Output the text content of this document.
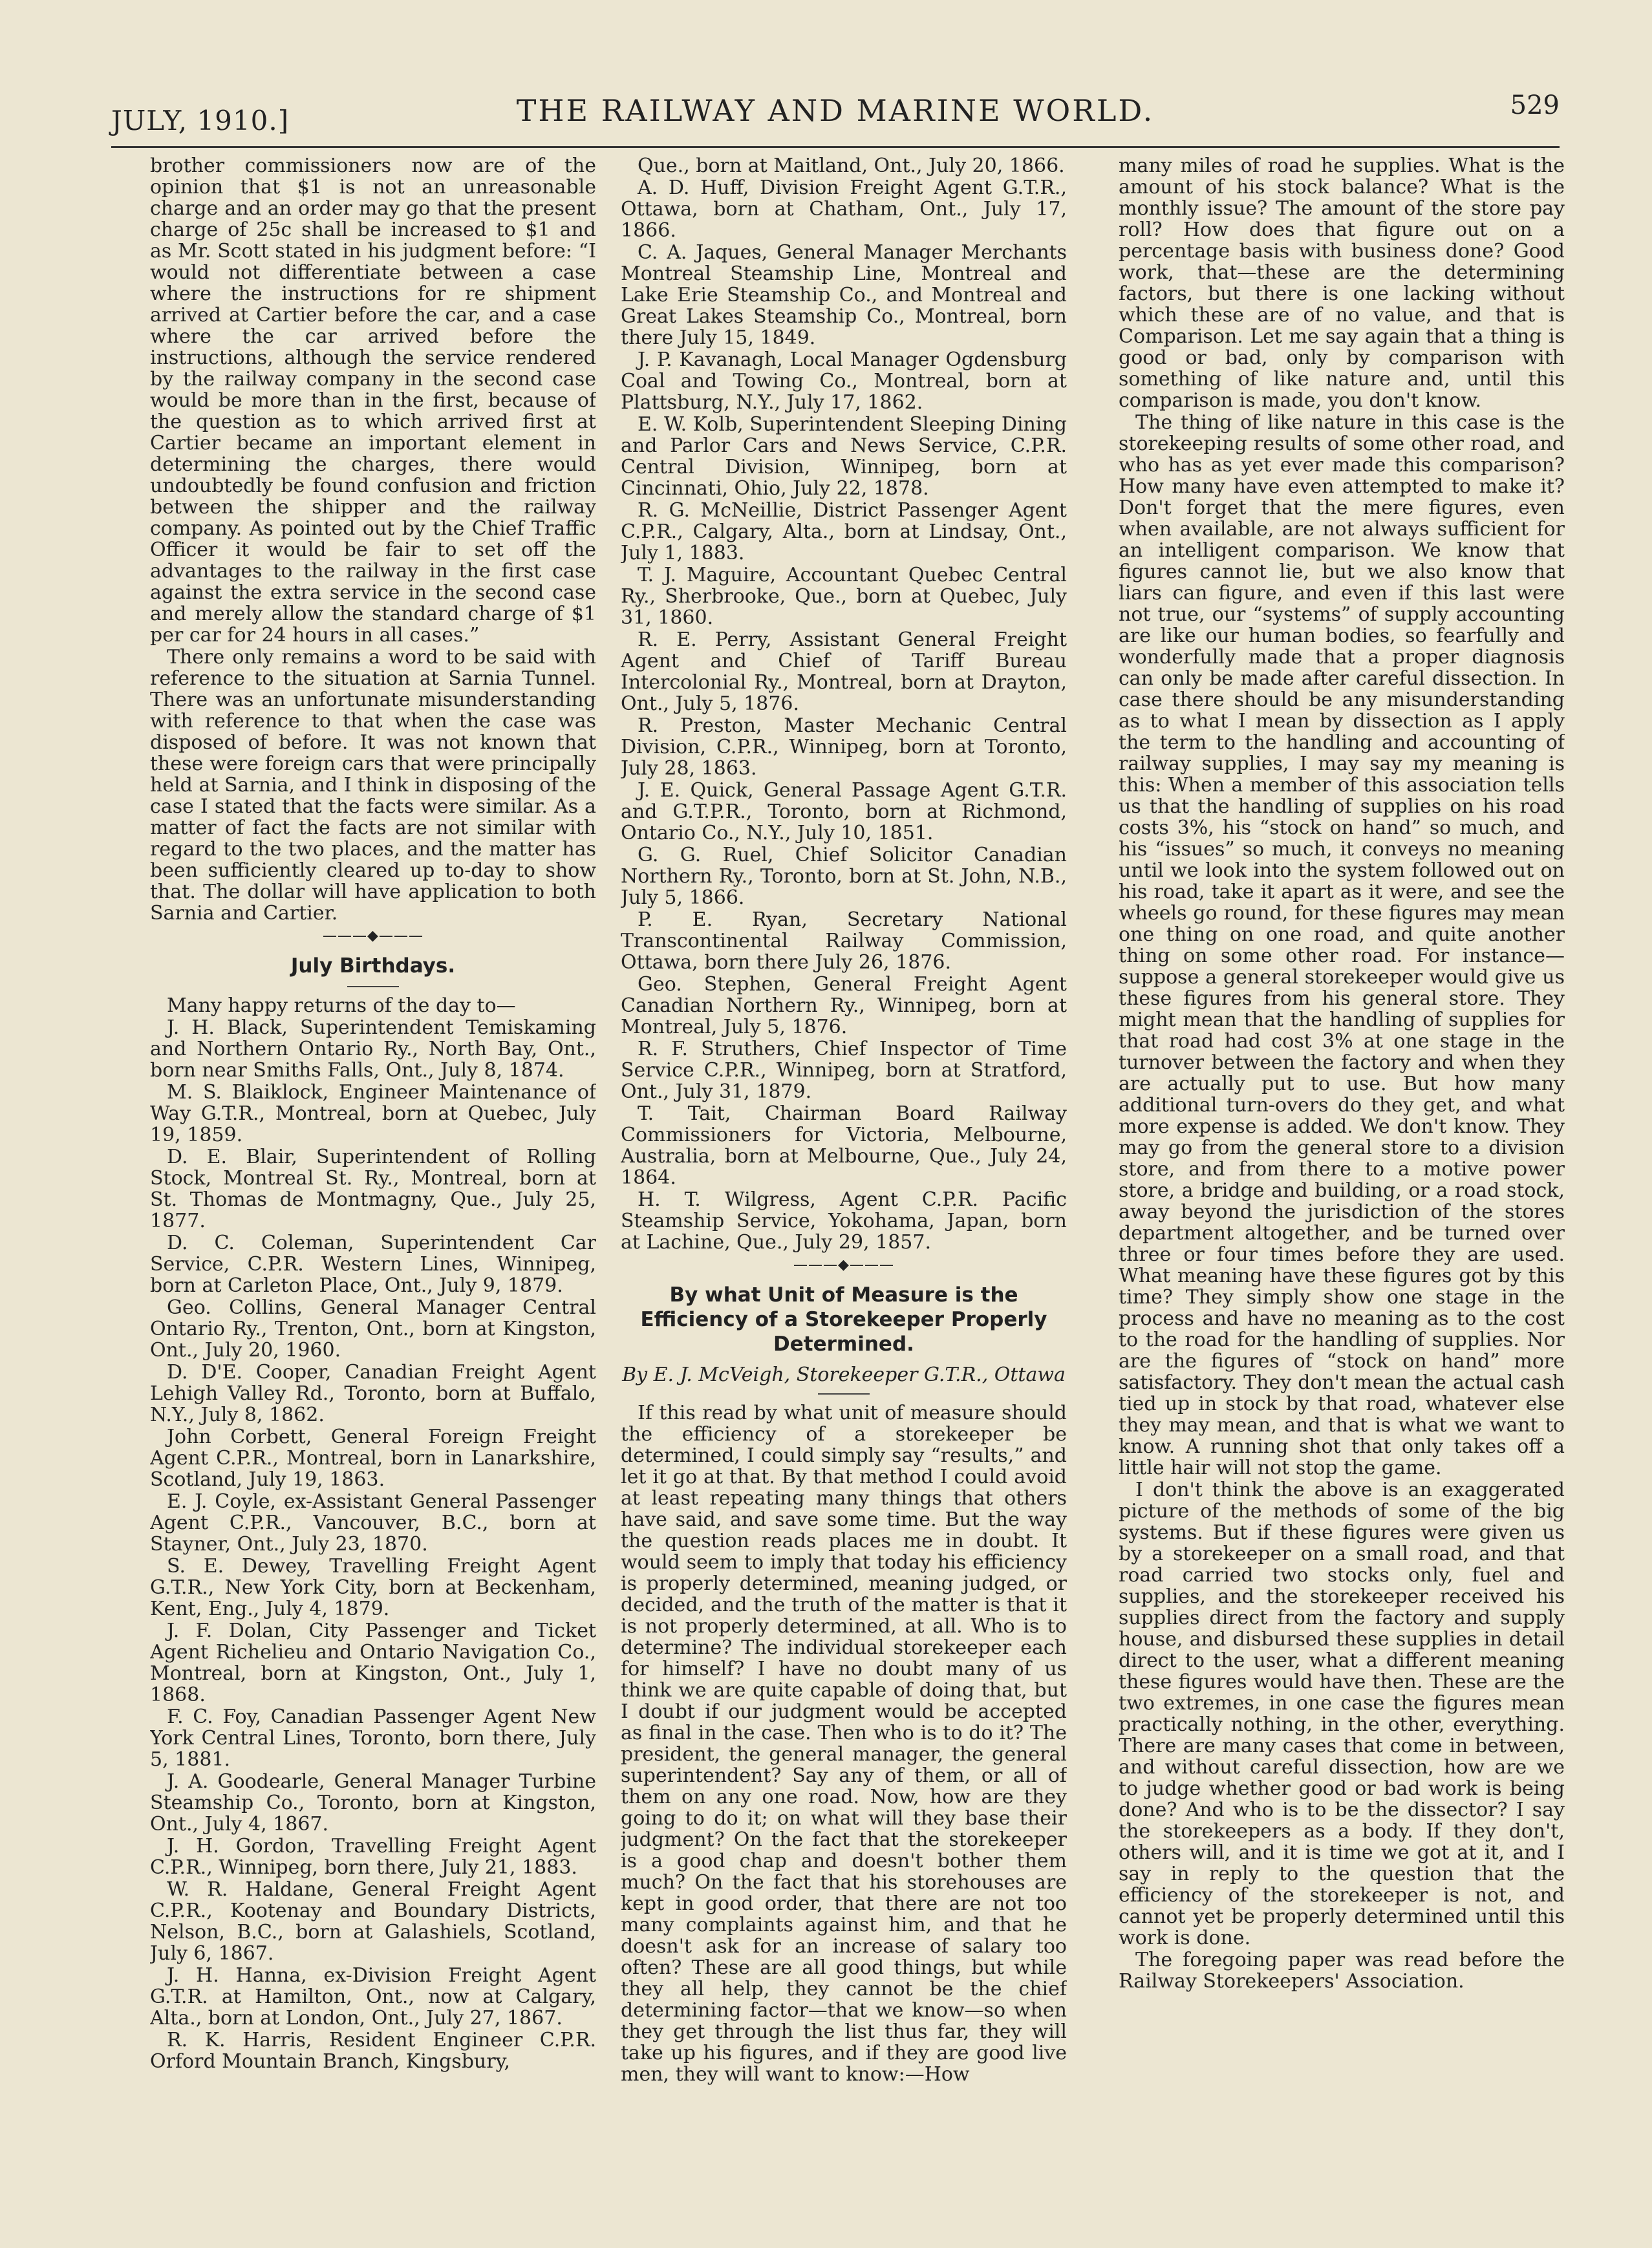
JULY, 1910.]	THE RAILWAY AND MARINE WORLD.	529

brother commissioners now are of the opinion that $1 is not an unreasonable charge and an order may go that the present charge of 25c shall be increased to $1 and as Mr. Scott stated in his judgment before: “I would not differentiate between a case where the instructions for re shipment arrived at Cartier before the car, and a case where the car arrived before the instructions, although the service rendered by the railway company in the second case would be more than in the first, because of the question as to which arrived first at Cartier became an important element in determining the charges, there would undoubtedly be found confusion and friction between the shipper and the railway company. As pointed out by the Chief Traffic Officer it would be fair to set off the advantages to the railway in the first case against the extra service in the second case and merely allow the standard charge of $1 per car for 24 hours in all cases.”

There only remains a word to be said with reference to the situation at Sarnia Tunnel. There was an unfortunate misunderstanding with reference to that when the case was disposed of before. It was not known that these were foreign cars that were principally held at Sarnia, and I think in disposing of the case I stated that the facts were similar. As a matter of fact the facts are not similar with regard to the two places, and the matter has been sufficiently cleared up to-day to show that. The dollar will have application to both Sarnia and Cartier.

———◆———
July Birthdays.

Many happy returns of the day to—

J. H. Black, Superintendent Temiskaming and Northern Ontario Ry., North Bay, Ont., born near Smiths Falls, Ont., July 8, 1874.

M. S. Blaiklock, Engineer Maintenance of Way G.T.R., Montreal, born at Quebec, July 19, 1859.

D. E. Blair, Superintendent of Rolling Stock, Montreal St. Ry., Montreal, born at St. Thomas de Montmagny, Que., July 25, 1877.

D. C. Coleman, Superintendent Car Service, C.P.R. Western Lines, Winnipeg, born at Carleton Place, Ont., July 9, 1879.

Geo. Collins, General Manager Central Ontario Ry., Trenton, Ont., born at Kingston, Ont., July 20, 1960.

D. D'E. Cooper, Canadian Freight Agent Lehigh Valley Rd., Toronto, born at Buffalo, N.Y., July 8, 1862.

John Corbett, General Foreign Freight Agent C.P.R., Montreal, born in Lanarkshire, Scotland, July 19, 1863.

E. J. Coyle, ex-Assistant General Passenger Agent C.P.R., Vancouver, B.C., born at Stayner, Ont., July 23, 1870.

S. E. Dewey, Travelling Freight Agent G.T.R., New York City, born at Beckenham, Kent, Eng., July 4, 1879.

J. F. Dolan, City Passenger and Ticket Agent Richelieu and Ontario Navigation Co., Montreal, born at Kingston, Ont., July 1, 1868.

F. C. Foy, Canadian Passenger Agent New York Central Lines, Toronto, born there, July 5, 1881.

J. A. Goodearle, General Manager Turbine Steamship Co., Toronto, born at Kingston, Ont., July 4, 1867.

J. H. Gordon, Travelling Freight Agent C.P.R., Winnipeg, born there, July 21, 1883.

W. R. Haldane, General Freight Agent C.P.R., Kootenay and Boundary Districts, Nelson, B.C., born at Galashiels, Scotland, July 6, 1867.

J. H. Hanna, ex-Division Freight Agent G.T.R. at Hamilton, Ont., now at Calgary, Alta., born at London, Ont., July 27, 1867.

R. K. Harris, Resident Engineer C.P.R. Orford Mountain Branch, Kingsbury,

Que., born at Maitland, Ont., July 20, 1866.

A. D. Huff, Division Freight Agent G.T.R., Ottawa, born at Chatham, Ont., July 17, 1866.

C. A. Jaques, General Manager Merchants Montreal Steamship Line, Montreal and Lake Erie Steamship Co., and Montreal and Great Lakes Steamship Co., Montreal, born there July 15, 1849.

J. P. Kavanagh, Local Manager Ogdensburg Coal and Towing Co., Montreal, born at Plattsburg, N.Y., July 17, 1862.

E. W. Kolb, Superintendent Sleeping Dining and Parlor Cars and News Service, C.P.R. Central Division, Winnipeg, born at Cincinnati, Ohio, July 22, 1878.

R. G. McNeillie, District Passenger Agent C.P.R., Calgary, Alta., born at Lindsay, Ont., July 1, 1883.

T. J. Maguire, Accountant Quebec Central Ry., Sherbrooke, Que., born at Quebec, July 31, 1860.

R. E. Perry, Assistant General Freight Agent and Chief of Tariff Bureau Intercolonial Ry., Montreal, born at Drayton, Ont., July 5, 1876.

R. Preston, Master Mechanic Central Division, C.P.R., Winnipeg, born at Toronto, July 28, 1863.

J. E. Quick, General Passage Agent G.T.R. and G.T.P.R., Toronto, born at Richmond, Ontario Co., N.Y., July 10, 1851.

G. G. Ruel, Chief Solicitor Canadian Northern Ry., Toronto, born at St. John, N.B., July 5, 1866.

P. E. Ryan, Secretary National Transcontinental Railway Commission, Ottawa, born there July 26, 1876.

Geo. Stephen, General Freight Agent Canadian Northern Ry., Winnipeg, born at Montreal, July 5, 1876.

R. F. Struthers, Chief Inspector of Time Service C.P.R., Winnipeg, born at Stratford, Ont., July 31, 1879.

T. Tait, Chairman Board Railway Commissioners for Victoria, Melbourne, Australia, born at Melbourne, Que., July 24, 1864.

H. T. Wilgress, Agent C.P.R. Pacific Steamship Service, Yokohama, Japan, born at Lachine, Que., July 29, 1857.

———◆———
By what Unit of Measure is the Efficiency of a Storekeeper Properly Determined.
By E. J. McVeigh, Storekeeper G.T.R., Ottawa

If this read by what unit of measure should the efficiency of a storekeeper be determined, I could simply say “results,” and let it go at that. By that method I could avoid at least repeating many things that others have said, and save some time. But the way the question reads places me in doubt. It would seem to imply that today his efficiency is properly determined, meaning judged, or decided, and the truth of the matter is that it is not properly determined, at all. Who is to determine? The individual storekeeper each for himself? I have no doubt many of us think we are quite capable of doing that, but I doubt if our judgment would be accepted as final in the case. Then who is to do it? The president, the general manager, the general superintendent? Say any of them, or all of them on any one road. Now, how are they going to do it; on what will they base their judgment? On the fact that the storekeeper is a good chap and doesn't bother them much? On the fact that his storehouses are kept in good order, that there are not too many complaints against him, and that he doesn't ask for an increase of salary too often? These are all good things, but while they all help, they cannot be the chief determining factor—that we know—so when they get through the list thus far, they will take up his figures, and if they are good live men, they will want to know:—How

many miles of road he supplies. What is the amount of his stock balance? What is the monthly issue? The amount of the store pay roll? How does that figure out on a percentage basis with business done? Good work, that—these are the determining factors, but there is one lacking without which these are of no value, and that is Comparison. Let me say again that a thing is good or bad, only by comparison with something of like nature and, until this comparison is made, you don't know.

The thing of like nature in this case is the storekeeping results of some other road, and who has as yet ever made this comparison? How many have even attempted to make it? Don't forget that the mere figures, even when available, are not always sufficient for an intelligent comparison. We know that figures cannot lie, but we also know that liars can figure, and even if this last were not true, our “systems” of supply accounting are like our human bodies, so fearfully and wonderfully made that a proper diagnosis can only be made after careful dissection. In case there should be any misunderstanding as to what I mean by dissection as I apply the term to the handling and accounting of railway supplies, I may say my meaning is this: When a member of this association tells us that the handling of supplies on his road costs 3%, his “stock on hand” so much, and his “issues” so much, it conveys no meaning until we look into the system followed out on his road, take it apart as it were, and see the wheels go round, for these figures may mean one thing on one road, and quite another thing on some other road. For instance—suppose a general storekeeper would give us these figures from his general store. They might mean that the handling of supplies for that road had cost 3% at one stage in the turnover between the factory and when they are actually put to use. But how many additional turn-overs do they get, and what more expense is added. We don't know. They may go from the general store to a division store, and from there to a motive power store, a bridge and building, or a road stock, away beyond the jurisdiction of the stores department altogether, and be turned over three or four times before they are used. What meaning have these figures got by this time? They simply show one stage in the process and have no meaning as to the cost to the road for the handling of supplies. Nor are the figures of “stock on hand” more satisfactory. They don't mean the actual cash tied up in stock by that road, whatever else they may mean, and that is what we want to know. A running shot that only takes off a little hair will not stop the game.

I don't think the above is an exaggerated picture of the methods of some of the big systems. But if these figures were given us by a storekeeper on a small road, and that road carried two stocks only, fuel and supplies, and the storekeeper received his supplies direct from the factory and supply house, and disbursed these supplies in detail direct to the user, what a different meaning these figures would have then. These are the two extremes, in one case the figures mean practically nothing, in the other, everything. There are many cases that come in between, and without careful dissection, how are we to judge whether good or bad work is being done? And who is to be the dissector? I say the storekeepers as a body. If they don't, others will, and it is time we got at it, and I say in reply to the question that the efficiency of the storekeeper is not, and cannot yet be properly determined until this work is done.

The foregoing paper was read before the Railway Storekeepers' Association.
